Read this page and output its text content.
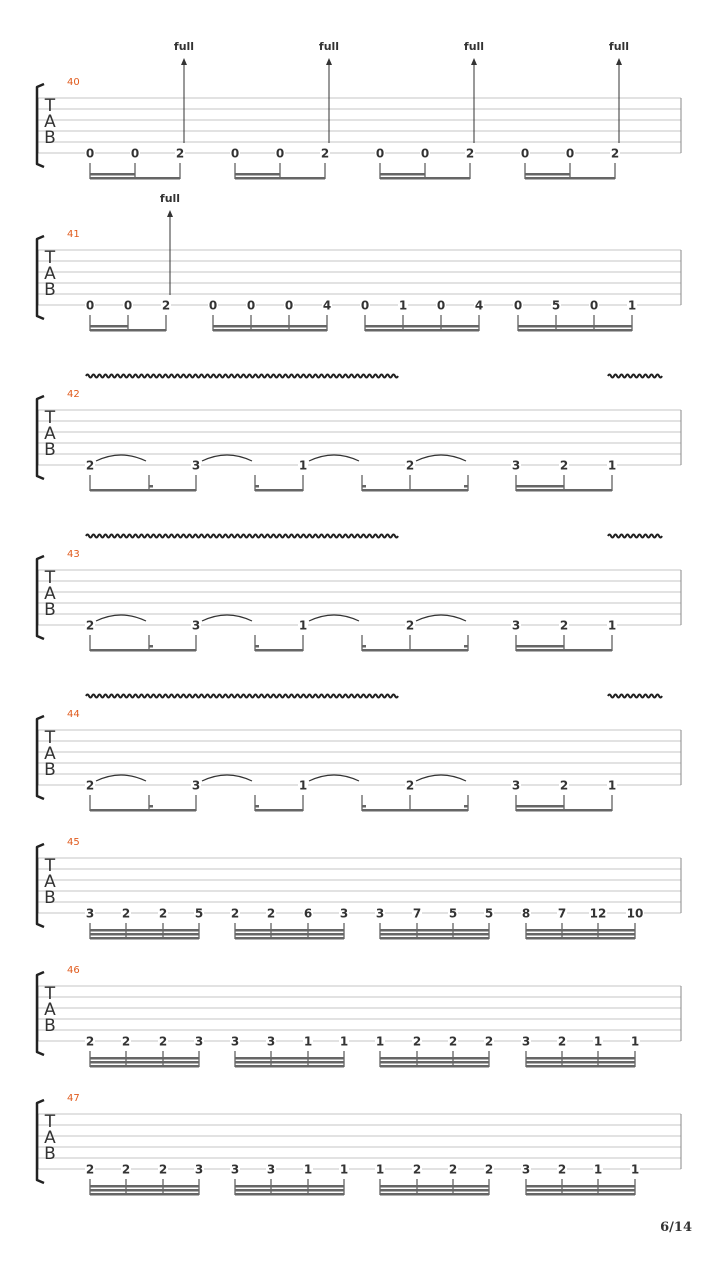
T
A
B
40
0	0	2
full
0	0	2
full
0	0	2
full
0	0	2
full
T
A
B
41
0 0 2
full
0 0 0 4 0 1 0 4	0 5 0 1
T
A
B
42
2	3	1	2	3	2	1
T
A
B
43
2	3	1	2	3	2	1
T
A
B
44
2	3	1	2	3	2	1
T
A
B
45
3 2 2 5 2 2 6 3 3 7 5 5 8 7 12 10
T
A
B
46
2 2 2 3 3 3 1 1 1 2 2 2 3 2 1 1
T
A
B
47
2 2 2 3 3 3 1 1 1 2 2 2 3 2 1 1
6/14
